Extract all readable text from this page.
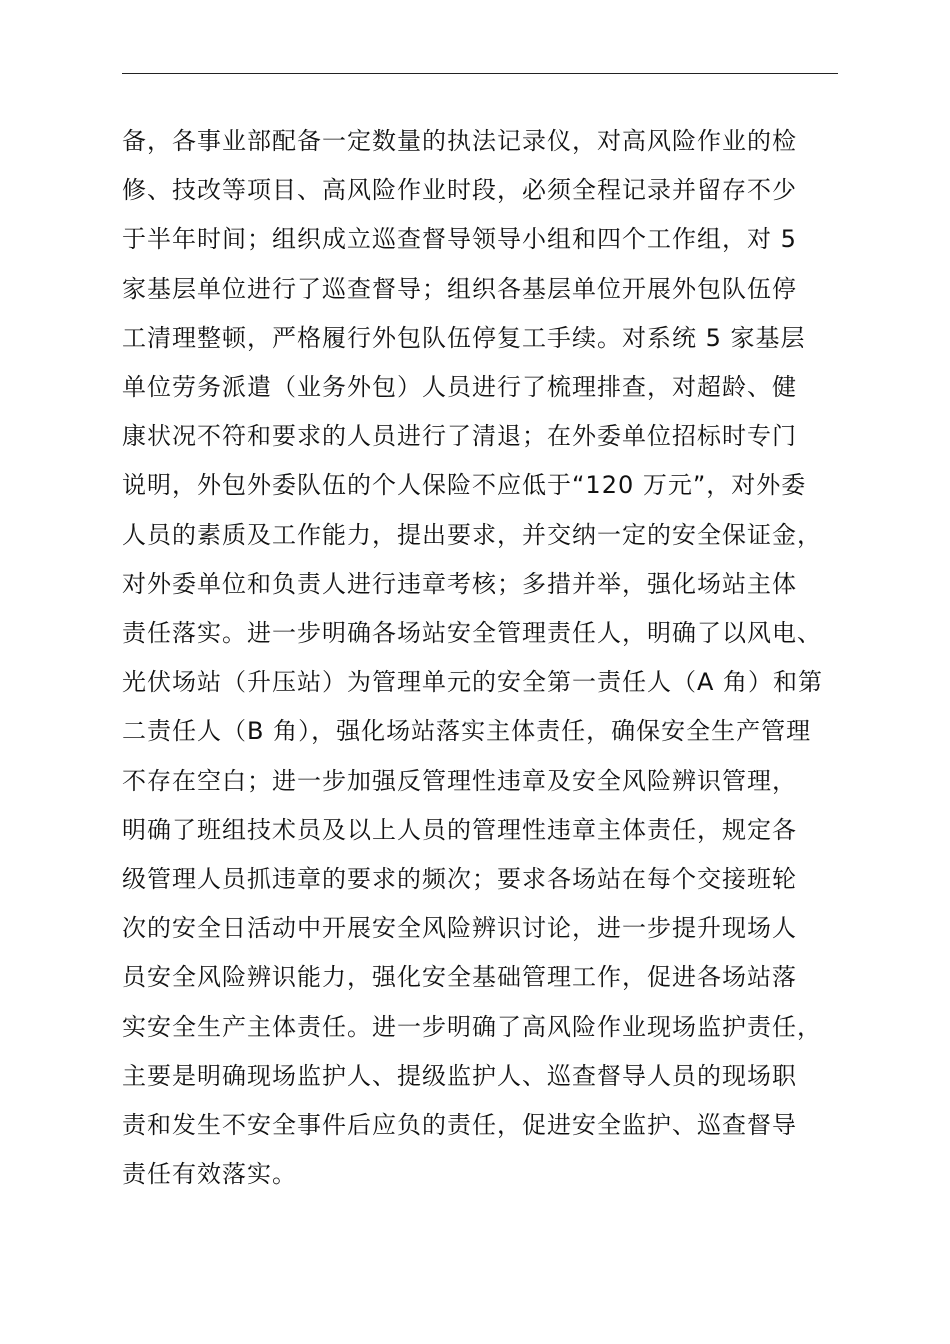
备，各事业部配备一定数量的执法记录仪，对高风险作业的检
修、技改等项目、高风险作业时段，必须全程记录并留存不少
于半年时间；组织成立巡查督导领导小组和四个工作组，对 5
家基层单位进行了巡查督导；组织各基层单位开展外包队伍停
工清理整顿，严格履行外包队伍停复工手续。对系统 5 家基层
单位劳务派遣（业务外包）人员进行了梳理排查，对超龄、健
康状况不符和要求的人员进行了清退；在外委单位招标时专门
说明，外包外委队伍的个人保险不应低于“120 万元”，对外委
人员的素质及工作能力，提出要求，并交纳一定的安全保证金，
对外委单位和负责人进行违章考核；多措并举，强化场站主体
责任落实。进一步明确各场站安全管理责任人，明确了以风电、
光伏场站（升压站）为管理单元的安全第一责任人（A 角）和第
二责任人（B 角），强化场站落实主体责任，确保安全生产管理
不存在空白；进一步加强反管理性违章及安全风险辨识管理，
明确了班组技术员及以上人员的管理性违章主体责任，规定各
级管理人员抓违章的要求的频次；要求各场站在每个交接班轮
次的安全日活动中开展安全风险辨识讨论，进一步提升现场人
员安全风险辨识能力，强化安全基础管理工作，促进各场站落
实安全生产主体责任。进一步明确了高风险作业现场监护责任，
主要是明确现场监护人、提级监护人、巡查督导人员的现场职
责和发生不安全事件后应负的责任，促进安全监护、巡查督导
责任有效落实。
